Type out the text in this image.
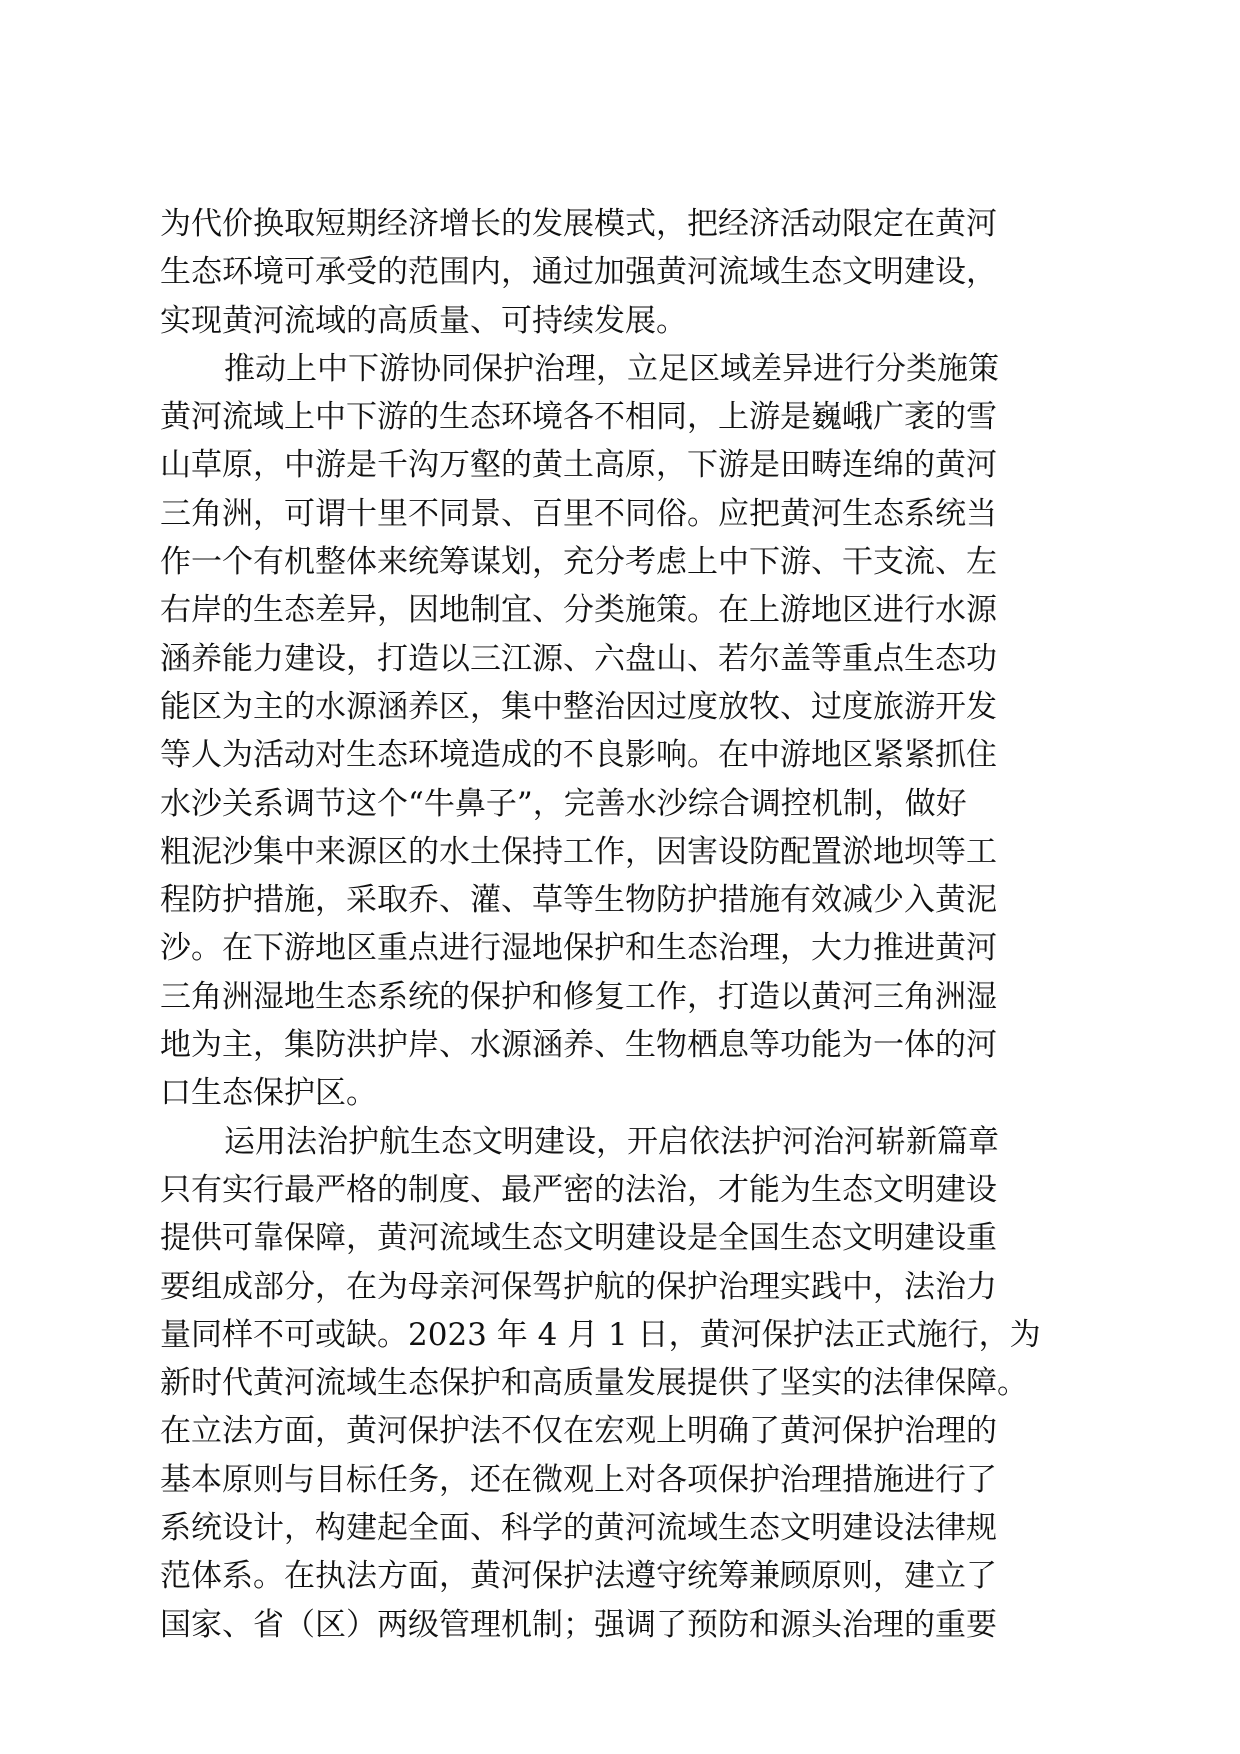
为代价换取短期经济增长的发展模式，把经济活动限定在黄河
生态环境可承受的范围内，通过加强黄河流域生态文明建设，
实现黄河流域的高质量、可持续发展。
推动上中下游协同保护治理，立足区域差异进行分类施策
黄河流域上中下游的生态环境各不相同，上游是巍峨广袤的雪
山草原，中游是千沟万壑的黄土高原，下游是田畴连绵的黄河
三角洲，可谓十里不同景、百里不同俗。应把黄河生态系统当
作一个有机整体来统筹谋划，充分考虑上中下游、干支流、左
右岸的生态差异，因地制宜、分类施策。在上游地区进行水源
涵养能力建设，打造以三江源、六盘山、若尔盖等重点生态功
能区为主的水源涵养区，集中整治因过度放牧、过度旅游开发
等人为活动对生态环境造成的不良影响。在中游地区紧紧抓住
水沙关系调节这个“牛鼻子”，完善水沙综合调控机制，做好
粗泥沙集中来源区的水土保持工作，因害设防配置淤地坝等工
程防护措施，采取乔、灌、草等生物防护措施有效减少入黄泥
沙。在下游地区重点进行湿地保护和生态治理，大力推进黄河
三角洲湿地生态系统的保护和修复工作，打造以黄河三角洲湿
地为主，集防洪护岸、水源涵养、生物栖息等功能为一体的河
口生态保护区。
运用法治护航生态文明建设，开启依法护河治河崭新篇章
只有实行最严格的制度、最严密的法治，才能为生态文明建设
提供可靠保障，黄河流域生态文明建设是全国生态文明建设重
要组成部分，在为母亲河保驾护航的保护治理实践中，法治力
量同样不可或缺。2023 年 4 月 1 日，黄河保护法正式施行，为
新时代黄河流域生态保护和高质量发展提供了坚实的法律保障。
在立法方面，黄河保护法不仅在宏观上明确了黄河保护治理的
基本原则与目标任务，还在微观上对各项保护治理措施进行了
系统设计，构建起全面、科学的黄河流域生态文明建设法律规
范体系。在执法方面，黄河保护法遵守统筹兼顾原则，建立了
国家、省（区）两级管理机制；强调了预防和源头治理的重要
